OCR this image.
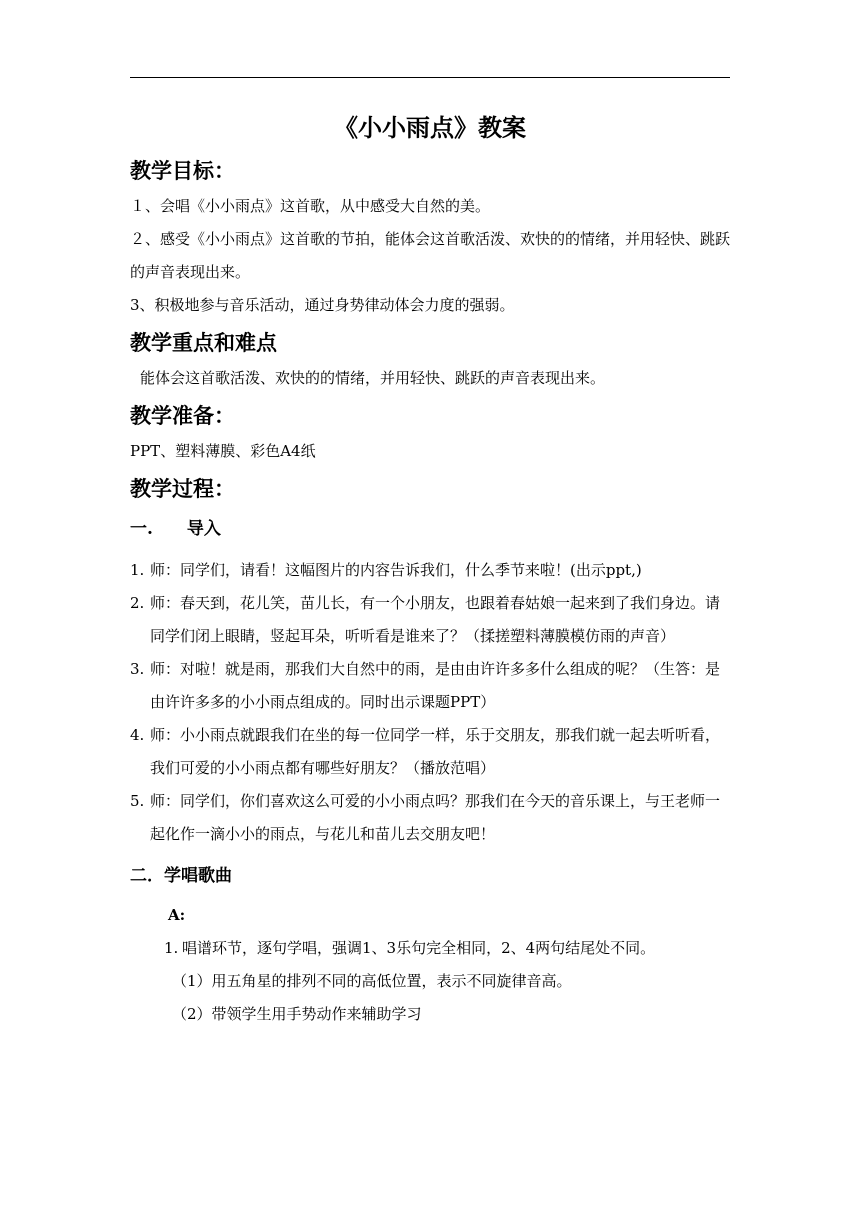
《小小雨点》教案
教学目标：

１、会唱《小小雨点》这首歌，从中感受大自然的美。

２、感受《小小雨点》这首歌的节拍，能体会这首歌活泼、欢快的的情绪，并用轻快、跳跃的声音表现出来。

3、积极地参与音乐活动，通过身势律动体会力度的强弱。

教学重点和难点

能体会这首歌活泼、欢快的的情绪，并用轻快、跳跃的声音表现出来。

教学准备：

PPT、塑料薄膜、彩色A4纸

教学过程：
一. 导入
1. 师：同学们，请看！这幅图片的内容告诉我们，什么季节来啦！(出示ppt,)
2. 师：春天到，花儿笑，苗儿长，有一个小朋友，也跟着春姑娘一起来到了我们身边。请同学们闭上眼睛，竖起耳朵，听听看是谁来了？（揉搓塑料薄膜模仿雨的声音）
3. 师：对啦！就是雨，那我们大自然中的雨，是由由许许多多什么组成的呢？（生答：是由许许多多的小小雨点组成的。同时出示课题PPT）
4. 师：小小雨点就跟我们在坐的每一位同学一样，乐于交朋友，那我们就一起去听听看，我们可爱的小小雨点都有哪些好朋友？（播放范唱）
5. 师：同学们，你们喜欢这么可爱的小小雨点吗？那我们在今天的音乐课上，与王老师一起化作一滴小小的雨点，与花儿和苗儿去交朋友吧！
二．学唱歌曲

A:

1. 唱谱环节，逐句学唱，强调1、3乐句完全相同，2、4两句结尾处不同。

（1）用五角星的排列不同的高低位置，表示不同旋律音高。

（2）带领学生用手势动作来辅助学习
